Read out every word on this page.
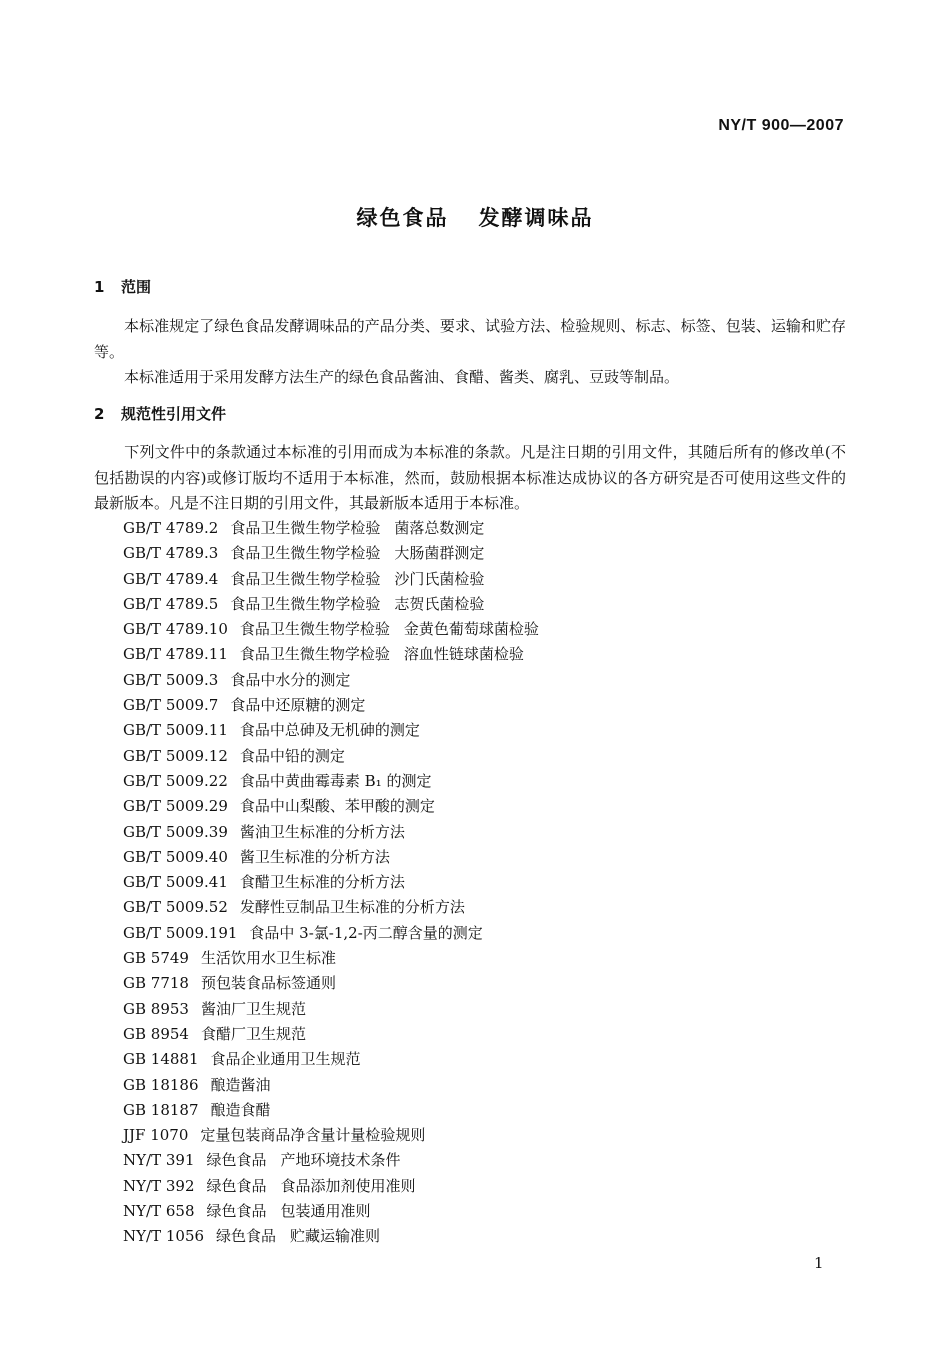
NY/T 900—2007
绿色食品 发酵调味品
1 范围
本标准规定了绿色食品发酵调味品的产品分类、要求、试验方法、检验规则、标志、标签、包装、运输和贮存等。
本标准适用于采用发酵方法生产的绿色食品酱油、食醋、酱类、腐乳、豆豉等制品。
2 规范性引用文件
下列文件中的条款通过本标准的引用而成为本标准的条款。凡是注日期的引用文件，其随后所有的修改单(不包括勘误的内容)或修订版均不适用于本标准，然而，鼓励根据本标准达成协议的各方研究是否可使用这些文件的最新版本。凡是不注日期的引用文件，其最新版本适用于本标准。
GB/T 4789.2 食品卫生微生物学检验 菌落总数测定
GB/T 4789.3 食品卫生微生物学检验 大肠菌群测定
GB/T 4789.4 食品卫生微生物学检验 沙门氏菌检验
GB/T 4789.5 食品卫生微生物学检验 志贺氏菌检验
GB/T 4789.10 食品卫生微生物学检验 金黄色葡萄球菌检验
GB/T 4789.11 食品卫生微生物学检验 溶血性链球菌检验
GB/T 5009.3 食品中水分的测定
GB/T 5009.7 食品中还原糖的测定
GB/T 5009.11 食品中总砷及无机砷的测定
GB/T 5009.12 食品中铅的测定
GB/T 5009.22 食品中黄曲霉毒素 B₁ 的测定
GB/T 5009.29 食品中山梨酸、苯甲酸的测定
GB/T 5009.39 酱油卫生标准的分析方法
GB/T 5009.40 酱卫生标准的分析方法
GB/T 5009.41 食醋卫生标准的分析方法
GB/T 5009.52 发酵性豆制品卫生标准的分析方法
GB/T 5009.191 食品中 3-氯-1,2-丙二醇含量的测定
GB 5749 生活饮用水卫生标准
GB 7718 预包装食品标签通则
GB 8953 酱油厂卫生规范
GB 8954 食醋厂卫生规范
GB 14881 食品企业通用卫生规范
GB 18186 酿造酱油
GB 18187 酿造食醋
JJF 1070 定量包装商品净含量计量检验规则
NY/T 391 绿色食品 产地环境技术条件
NY/T 392 绿色食品 食品添加剂使用准则
NY/T 658 绿色食品 包装通用准则
NY/T 1056 绿色食品 贮藏运输准则
1
